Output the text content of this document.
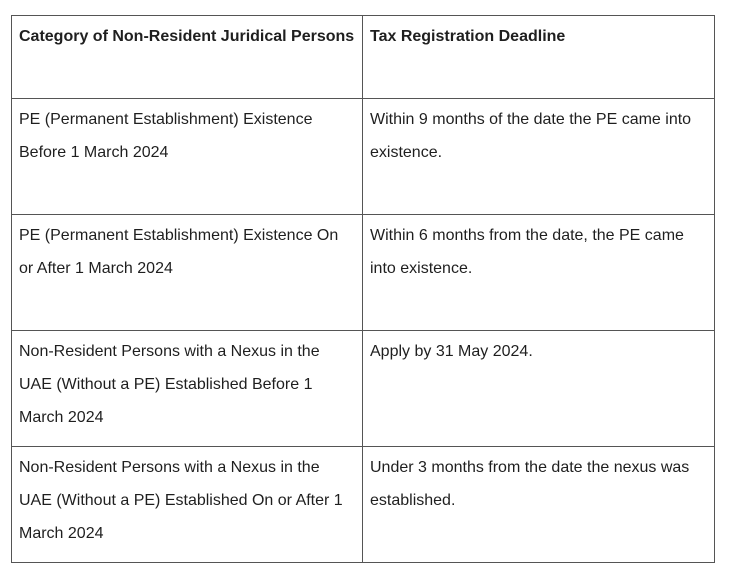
Category of Non-Resident Juridical Persons	Tax Registration Deadline
PE (Permanent Establishment) Existence Before 1 March 2024	Within 9 months of the date the PE came into existence.
PE (Permanent Establishment) Existence On or After 1 March 2024	Within 6 months from the date, the PE came into existence.
Non-Resident Persons with a Nexus in the UAE (Without a PE) Established Before 1 March 2024	Apply by 31 May 2024.
Non-Resident Persons with a Nexus in the UAE (Without a PE) Established On or After 1 March 2024	Under 3 months from the date the nexus was established.
